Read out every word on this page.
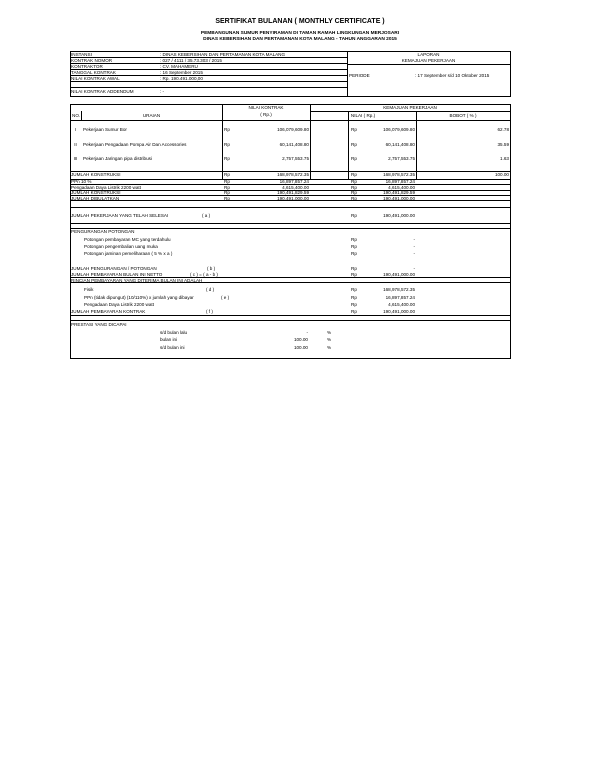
SERTIFIKAT BULANAN ( MONTHLY CERTIFICATE )
PEMBANGUNAN SUMUR PENYIRAMAN DI TAMAN RAMAH LINGKUNGAN MERJOSARI
DINAS KEBERSIHAN DAN PERTAMANAN KOTA MALANG - TAHUN ANGGARAN 2015
INSTANSI	: DINAS KEBERSIHAN DAN PERTAMANAN KOTA MALANG
KONTRAK NOMOR	: 027 / 4111 / 35.73.303 / 2015
KONTRAKTOR	: CV. MAHAMERU
TANGGAL KONTRAK	: 16 September 2015
NILAI KONTRAK AWAL	: Rp. 190.491.000,00
NILAI KONTRAK ADDENDUM	: -
LAPORAN
KEMAJUAN PEKERJAAN
PERIODE	: 17 September s/d 10 Oktober 2015
NILAI KONTRAK
( Rp.)
KEMAJUAN PEKERJAAN
NO.	URAIAN	NILAI ( Rp.)	BOBOT ( % )
I	Pekerjaan Sumur Bor	Rp	106,079,609.80	Rp	106,079,609.80	62.78
II	Pekerjaan Pengadaan Pompa Air Dan Accessories	Rp	60,141,408.80	Rp	60,141,408.80	35.59
III	Pekerjaan Jaringan pipa distribusi	Rp	2,757,553.75	Rp	2,757,553.75	1.63
JUMLAH KONSTRUKSI	Rp	168,978,572.35	Rp	168,978,572.35	100.00
PPn 10 %	Rp	16,897,857.24	Rp	16,897,857.24
Pengadaan Daya Listrik 2200 watt	Rp	4,615,400.00	Rp	4,615,400.00
JUMLAH KONSTRUKSI	Rp	190,491,829.59	Rp	190,491,829.59
JUMLAH DIBULATKAN	Rp	190,491,000.00	Rp	190,491,000.00
JUMLAH PEKERJAAN YANG TELAH SELESAI	( a )	Rp	190,491,000.00
PENGURANGAN POTONGAN
Potongan pembayaran MC yang terdahulu	Rp	-
Potongan pengembalian uang muka	Rp	-
Potongan jaminan pemeliharaan ( 5 % x a )	Rp	-
JUMLAH PENGURANGAN / POTONGAN	( b )	Rp	-
JUMLAH PEMBAYARAN BULAN INI NETTO	( c ) = ( a - b )	Rp	190,491,000.00
RINCIAN PEMBAYARAN YANG DITERIMA BULAN INI ADALAH
Fisik	( d )	Rp	168,978,572.35
PPn (tidak dipungut) (10/110%) x jumlah yang dibayar	( e )	Rp	16,897,857.24
Pengadaan Daya Listrik 2200 watt	Rp	4,615,400.00
JUMLAH PEMBAYARAN KONTRAK	( f )	Rp	190,491,000.00
PRESTASI YANG DICAPAI
s/d bulan lalu	-	%
bulan ini	100.00	%
s/d bulan ini	100.00	%
